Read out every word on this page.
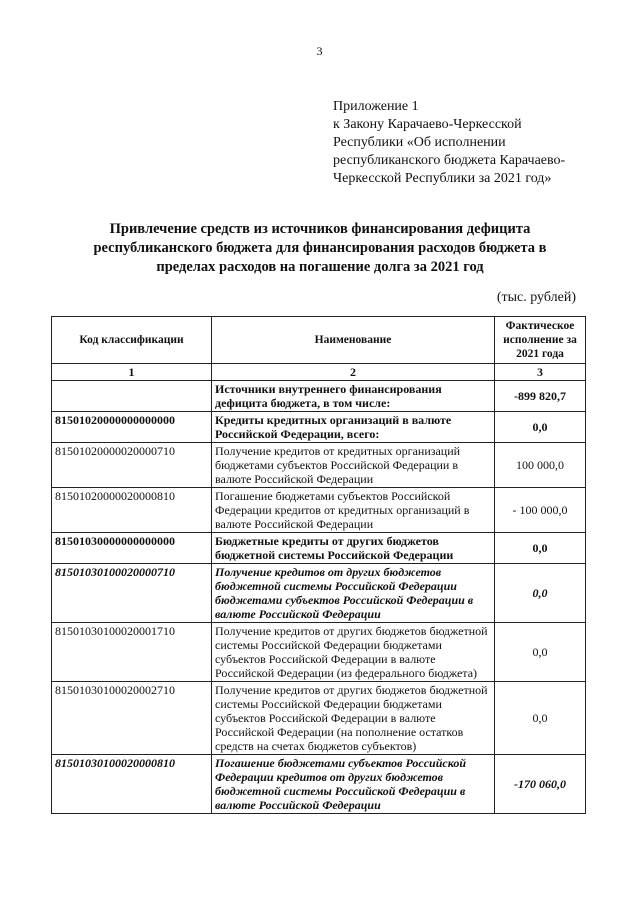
3
Приложение 1
к Закону Карачаево-Черкесской
Республики «Об исполнении
республиканского бюджета Карачаево-
Черкесской Республики за 2021 год»
Привлечение средств из источников финансирования дефицита
республиканского бюджета для финансирования расходов бюджета в
пределах расходов на погашение долга за 2021 год
(тыс. рублей)
Код классификации	Наименование	Фактическое исполнение за 2021 года
1	2	3
	Источники внутреннего финансирования дефицита бюджета, в том числе:	-899 820,7
81501020000000000000	Кредиты кредитных организаций в валюте Российской Федерации, всего:	0,0
81501020000020000710	Получение кредитов от кредитных организаций бюджетами субъектов Российской Федерации в валюте Российской Федерации	100 000,0
81501020000020000810	Погашение бюджетами субъектов Российской Федерации кредитов от кредитных организаций в валюте Российской Федерации	- 100 000,0
81501030000000000000	Бюджетные кредиты от других бюджетов бюджетной системы Российской Федерации	0,0
81501030100020000710	Получение кредитов от других бюджетов бюджетной системы Российской Федерации бюджетами субъектов Российской Федерации в валюте Российской Федерации	0,0
81501030100020001710	Получение кредитов от других бюджетов бюджетной системы Российской Федерации бюджетами субъектов Российской Федерации в валюте Российской Федерации (из федерального бюджета)	0,0
81501030100020002710	Получение кредитов от других бюджетов бюджетной системы Российской Федерации бюджетами субъектов Российской Федерации в валюте Российской Федерации (на пополнение остатков средств на счетах бюджетов субъектов)	0,0
81501030100020000810	Погашение бюджетами субъектов Российской Федерации кредитов от других бюджетов бюджетной системы Российской Федерации в валюте Российской Федерации	-170 060,0
